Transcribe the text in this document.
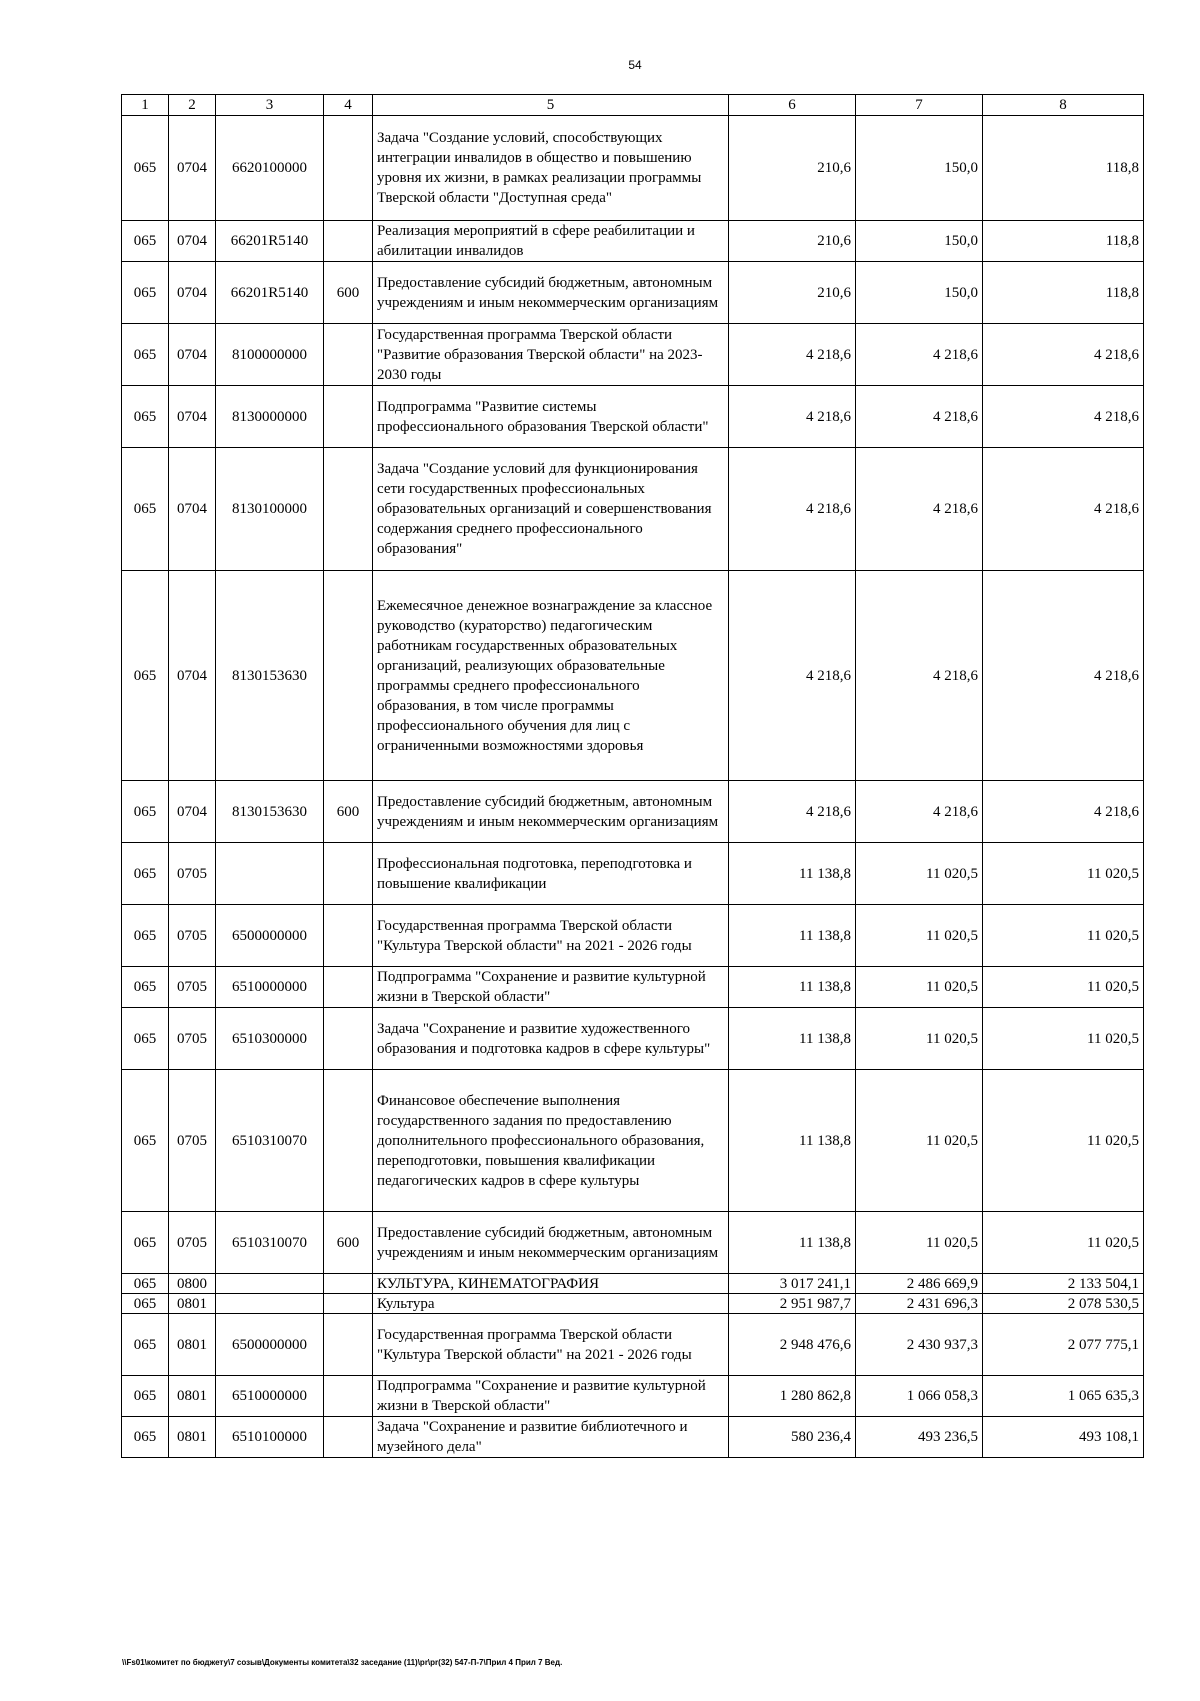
54
1	2	3	4	5	6	7	8
065	0704	6620100000		Задача "Создание условий, способствующих интеграции инвалидов в общество и повышению уровня их жизни, в рамках реализации программы Тверской области "Доступная среда"	210,6	150,0	118,8
065	0704	66201R5140		Реализация мероприятий в сфере реабилитации и абилитации инвалидов	210,6	150,0	118,8
065	0704	66201R5140	600	Предоставление субсидий бюджетным, автономным учреждениям и иным некоммерческим организациям	210,6	150,0	118,8
065	0704	8100000000		Государственная программа Тверской области "Развитие образования Тверской области" на 2023-2030 годы	4 218,6	4 218,6	4 218,6
065	0704	8130000000		Подпрограмма "Развитие системы профессионального образования Тверской области"	4 218,6	4 218,6	4 218,6
065	0704	8130100000		Задача "Создание условий для функционирования сети государственных профессиональных образовательных организаций и совершенствования содержания среднего профессионального образования"	4 218,6	4 218,6	4 218,6
065	0704	8130153630		Ежемесячное денежное вознаграждение за классное руководство (кураторство) педагогическим работникам государственных образовательных организаций, реализующих образовательные программы среднего профессионального образования, в том числе программы профессионального обучения для лиц с ограниченными возможностями здоровья	4 218,6	4 218,6	4 218,6
065	0704	8130153630	600	Предоставление субсидий бюджетным, автономным учреждениям и иным некоммерческим организациям	4 218,6	4 218,6	4 218,6
065	0705			Профессиональная подготовка, переподготовка и повышение квалификации	11 138,8	11 020,5	11 020,5
065	0705	6500000000		Государственная программа Тверской области "Культура Тверской области" на 2021 - 2026 годы	11 138,8	11 020,5	11 020,5
065	0705	6510000000		Подпрограмма "Сохранение и развитие культурной жизни в Тверской области"	11 138,8	11 020,5	11 020,5
065	0705	6510300000		Задача "Сохранение и развитие художественного образования и подготовка кадров в сфере культуры"	11 138,8	11 020,5	11 020,5
065	0705	6510310070		Финансовое обеспечение выполнения государственного задания по предоставлению дополнительного профессионального образования, переподготовки, повышения квалификации педагогических кадров в сфере культуры	11 138,8	11 020,5	11 020,5
065	0705	6510310070	600	Предоставление субсидий бюджетным, автономным учреждениям и иным некоммерческим организациям	11 138,8	11 020,5	11 020,5
065	0800			КУЛЬТУРА, КИНЕМАТОГРАФИЯ	3 017 241,1	2 486 669,9	2 133 504,1
065	0801			Культура	2 951 987,7	2 431 696,3	2 078 530,5
065	0801	6500000000		Государственная программа Тверской области "Культура Тверской области" на 2021 - 2026 годы	2 948 476,6	2 430 937,3	2 077 775,1
065	0801	6510000000		Подпрограмма "Сохранение и развитие культурной жизни в Тверской области"	1 280 862,8	1 066 058,3	1 065 635,3
065	0801	6510100000		Задача "Сохранение и развитие библиотечного и музейного дела"	580 236,4	493 236,5	493 108,1
\\Fs01\комитет по бюджету\7 созыв\Документы комитета\32 заседание (11)\pr\pr(32) 547-П-7\Прил 4 Прил 7 Вед.
